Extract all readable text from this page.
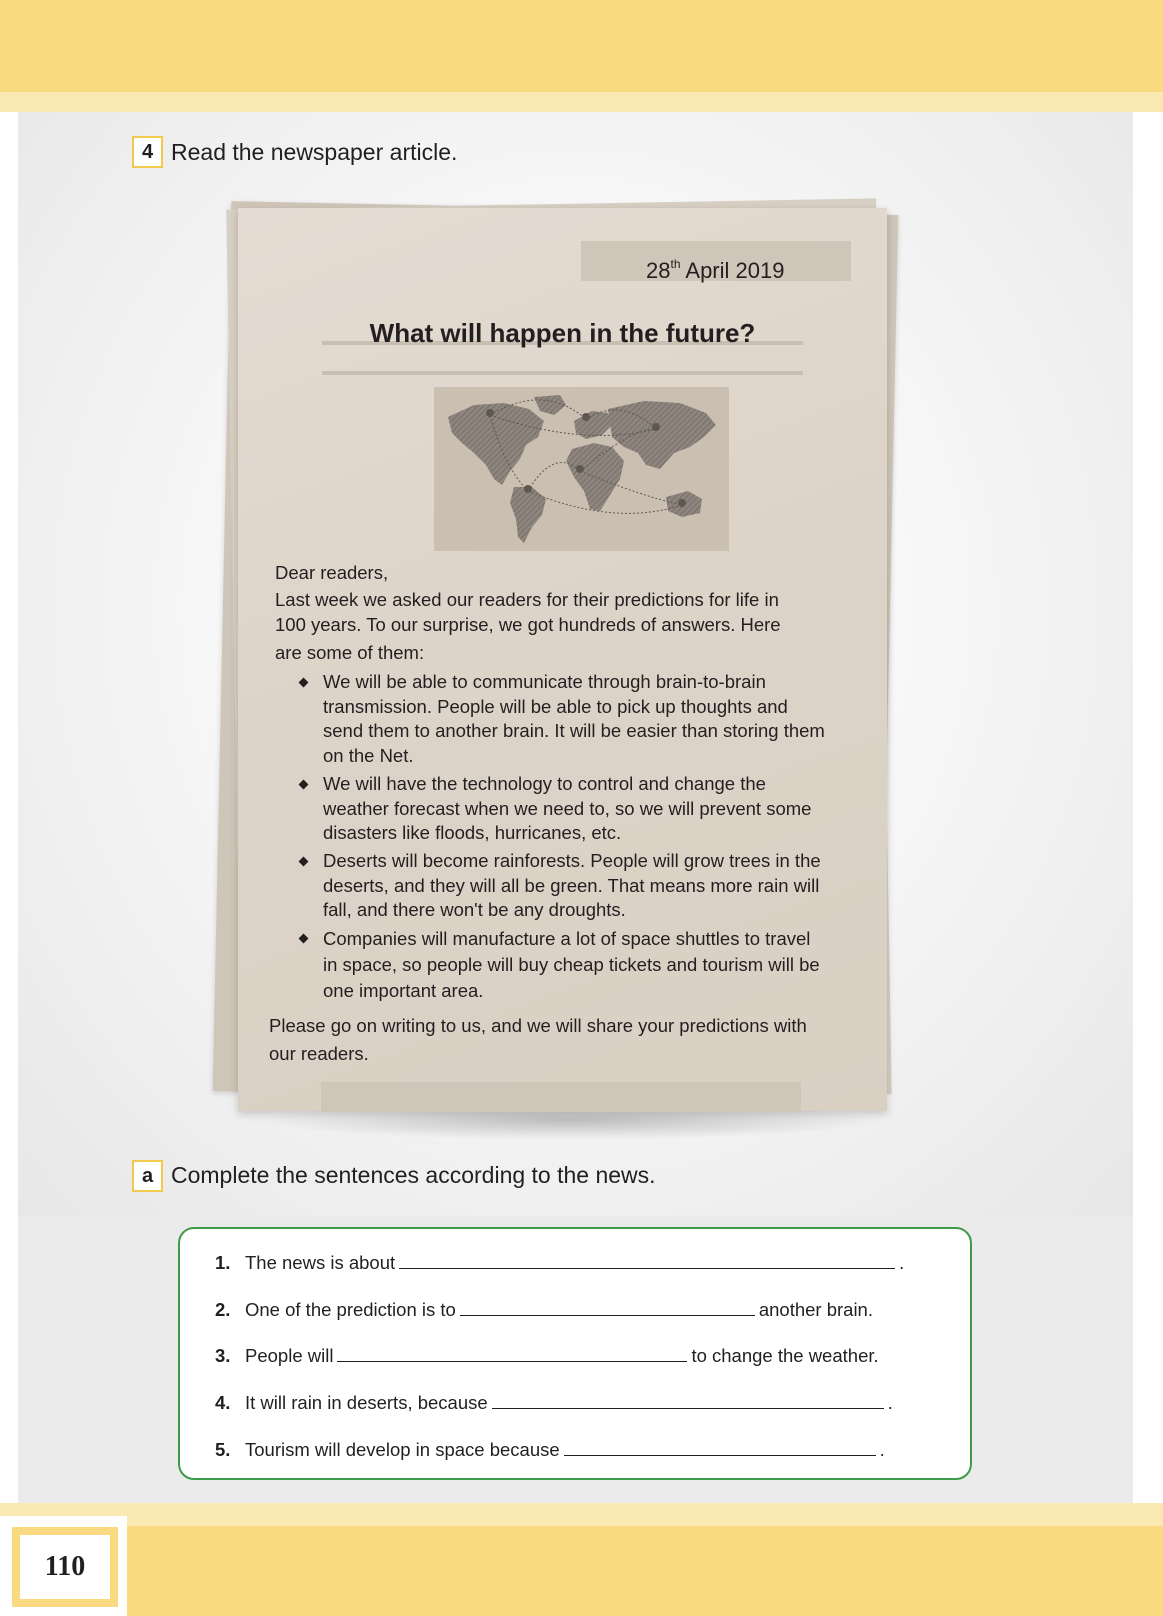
4 Read the newspaper article.
28th April 2019
What will happen in the future?
Dear readers,
Last week we asked our readers for their predictions for life in
100 years. To our surprise, we got hundreds of answers. Here
are some of them:
We will be able to communicate through brain-to-brain
transmission. People will be able to pick up thoughts and
send them to another brain. It will be easier than storing them
on the Net.
We will have the technology to control and change the
weather forecast when we need to, so we will prevent some
disasters like floods, hurricanes, etc.
Deserts will become rainforests. People will grow trees in the
deserts, and they will all be green. That means more rain will
fall, and there won't be any droughts.
Companies will manufacture a lot of space shuttles to travel
in space, so people will buy cheap tickets and tourism will be
one important area.
Please go on writing to us, and we will share your predictions with
our readers.
a Complete the sentences according to the news.
1. The news is about	.
2. One of the prediction is to	another brain.
3. People will	to change the weather.
4. It will rain in deserts, because	.
5. Tourism will develop in space because	.
110
